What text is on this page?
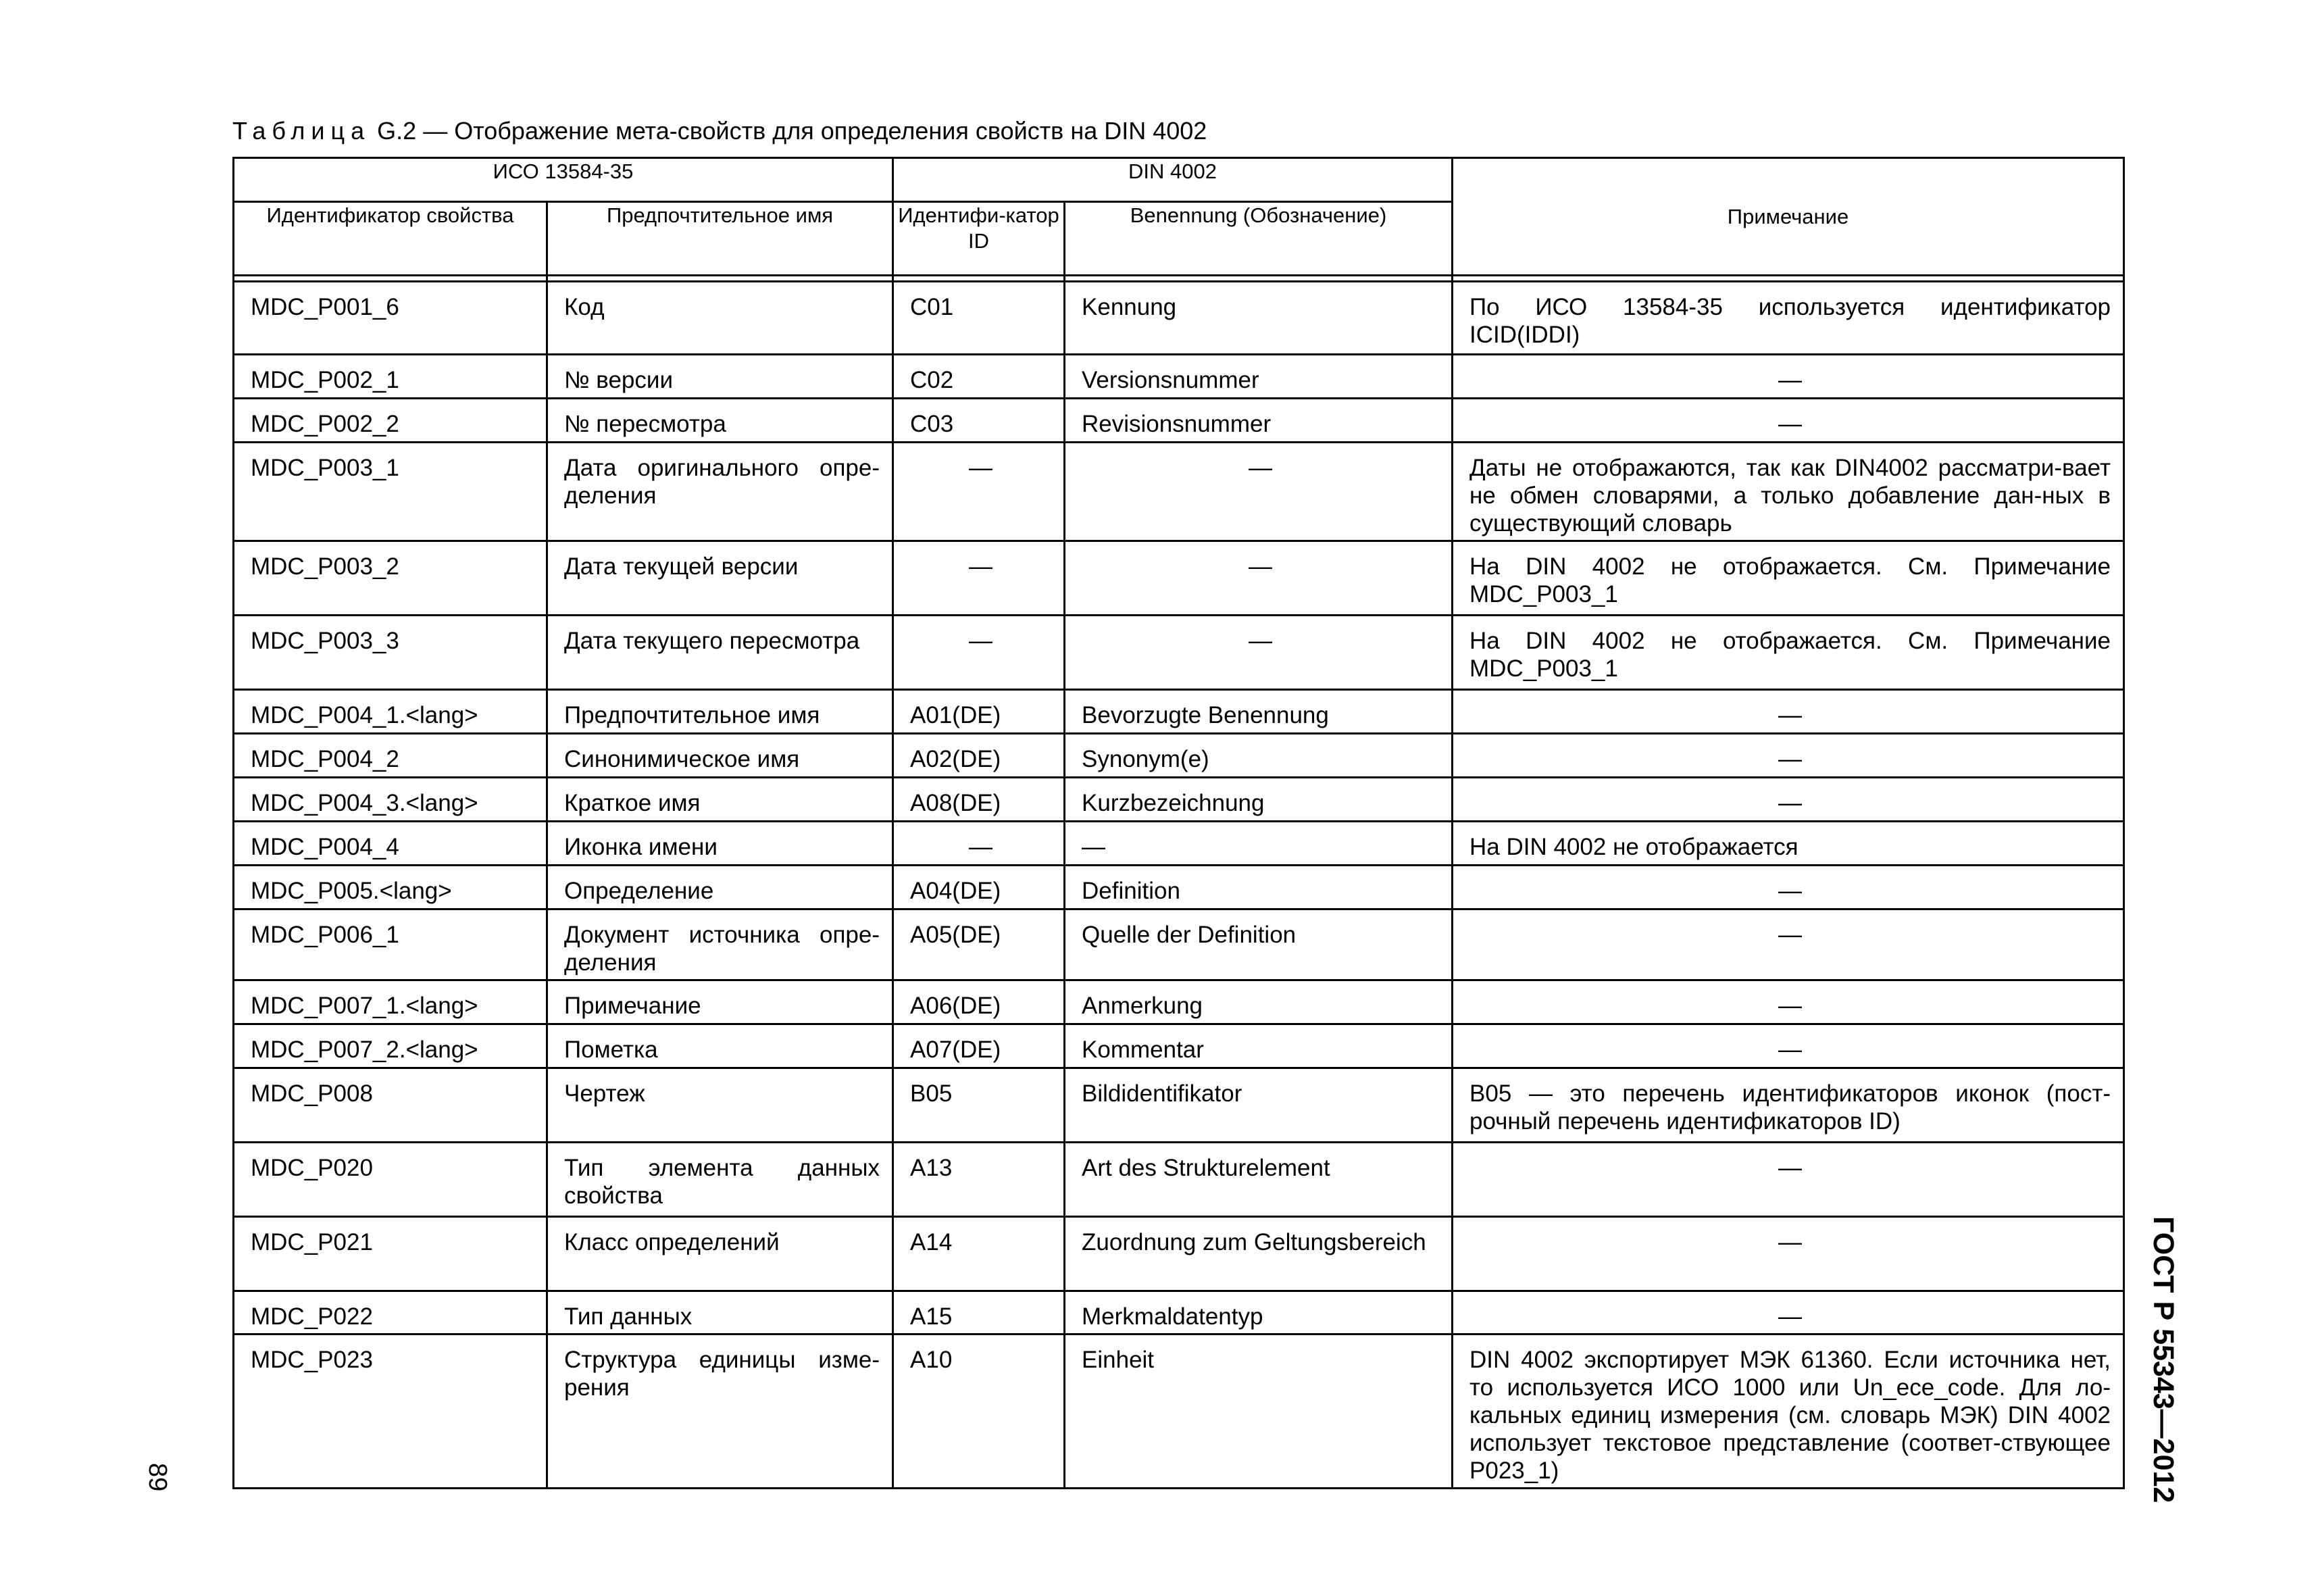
Таблица G.2 — Отображение мета-свойств для определения свойств на DIN 4002
ИСО 13584-35		DIN 4002		Примечание
Идентификатор свойства	Предпочтительное имя	Идентифи-катор ID	Benennung (Обозначение)	

MDC_P001_6	Код	C01	Kennung	По ИСО 13584-35 используется идентификатор ICID(IDDI)
MDC_P002_1	№ версии	C02	Versionsnummer	—
MDC_P002_2	№ пересмотра	C03	Revisionsnummer	—
MDC_P003_1	Дата оригинального опре-деления	—	—	Даты не отображаются, так как DIN4002 рассматри-вает не обмен словарями, а только добавление дан-ных в существующий словарь
MDC_P003_2	Дата текущей версии	—	—	На DIN 4002 не отображается. См. Примечание MDC_P003_1
MDC_P003_3	Дата текущего пересмотра	—	—	На DIN 4002 не отображается. См. Примечание MDC_P003_1
MDC_P004_1.<lang>	Предпочтительное имя	A01(DE)	Bevorzugte Benennung	—
MDC_P004_2	Синонимическое имя	A02(DE)	Synonym(e)	—
MDC_P004_3.<lang>	Краткое имя	A08(DE)	Kurzbezeichnung	—
MDC_P004_4	Иконка имени	—	—	На DIN 4002 не отображается
MDC_P005.<lang>	Определение	A04(DE)	Definition	—
MDC_P006_1	Документ источника опре-деления	A05(DE)	Quelle der Definition	—
MDC_P007_1.<lang>	Примечание	A06(DE)	Anmerkung	—
MDC_P007_2.<lang>	Пометка	A07(DE)	Kommentar	—
MDC_P008	Чертеж	B05	Bildidentifikator	B05 — это перечень идентификаторов иконок (пост-рочный перечень идентификаторов ID)
MDC_P020	Тип элемента данных свойства	A13	Art des Strukturelement	—
MDC_P021	Класс определений	A14	Zuordnung zum Geltungsbereich	—
MDC_P022	Тип данных	A15	Merkmaldatentyp	—
MDC_P023	Структура единицы изме-рения	A10	Einheit	DIN 4002 экспортирует МЭК 61360. Если источника нет, то используется ИСО 1000 или Un_ece_code. Для ло-кальных единиц измерения (см. словарь МЭК) DIN 4002 использует текстовое представление (соответ-ствующее P023_1)	ГОСТ Р 55343—2012
89
